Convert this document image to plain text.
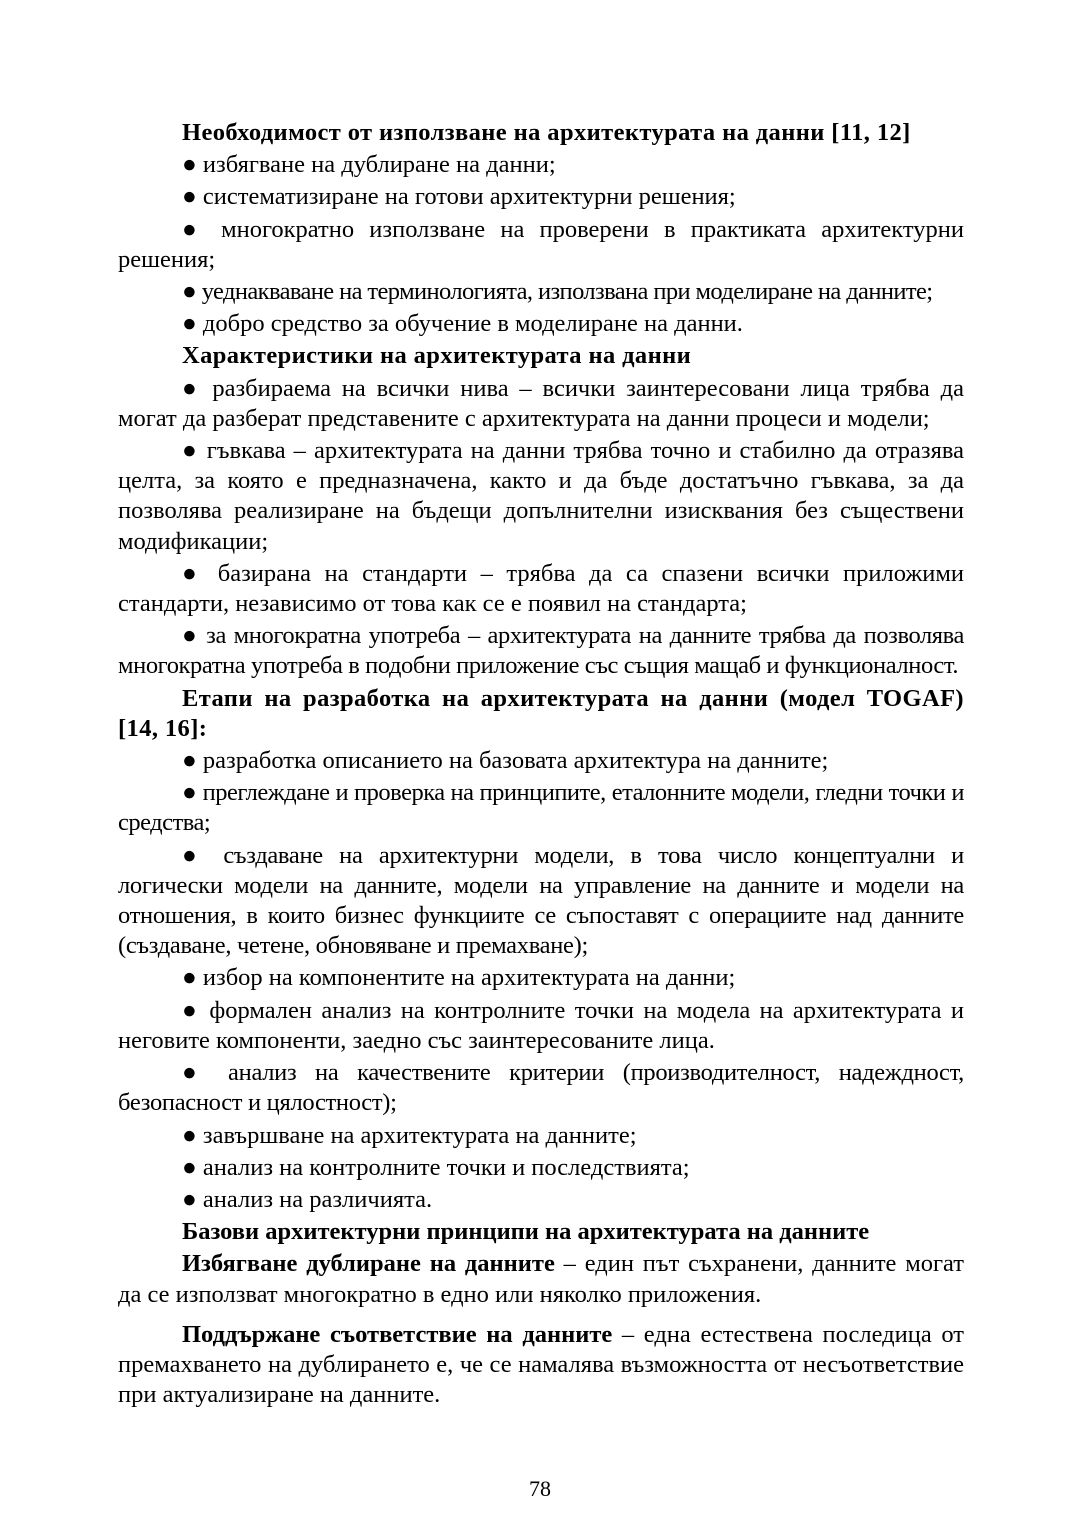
Необходимост от използване на архитектурата на данни [11, 12]

● избягване на дублиране на данни;

● систематизиране на готови архитектурни решения;

● многократно използване на проверени в практиката архитектурни решения;

● уеднакваване на терминологията, използвана при моделиране на данните;

● добро средство за обучение в моделиране на данни.

Характеристики на архитектурата на данни

● разбираема на всички нива – всички заинтересовани лица трябва да могат да разберат представените с архитектурата на данни процеси и модели;

● гъвкава – архитектурата на данни трябва точно и стабилно да отразява целта, за която е предназначена, както и да бъде достатъчно гъвкава, за да позволява реализиране на бъдещи допълнителни изисквания без съществени модификации;

● базирана на стандарти – трябва да са спазени всички приложими стандарти, независимо от това как се е появил на стандарта;

● за многократна употреба – архитектурата на данните трябва да позволява многократна употреба в подобни приложение със същия мащаб и функционалност.

Етапи на разработка на архитектурата на данни (модел TOGAF) [14, 16]:

● разработка описанието на базовата архитектура на данните;

● преглеждане и проверка на принципите, еталонните модели, гледни точки и средства;

● създаване на архитектурни модели, в това число концептуални и логически модели на данните, модели на управление на данните и модели на отношения, в които бизнес функциите се съпоставят с операциите над данните (създаване, четене, обновяване и премахване);

● избор на компонентите на архитектурата на данни;

● формален анализ на контролните точки на модела на архитектурата и неговите компоненти, заедно със заинтересованите лица.

● анализ на качествените критерии (производителност, надеждност, безопасност и цялостност);

● завършване на архитектурата на данните;

● анализ на контролните точки и последствията;

● анализ на различията.

Базови архитектурни принципи на архитектурата на данните

Избягване дублиране на данните – един път съхранени, данните могат да се използват многократно в едно или няколко приложения.

Поддържане съответствие на данните – една естествена последица от премахването на дублирането е, че се намалява възможността от несъответствие при актуализиране на данните.

78
